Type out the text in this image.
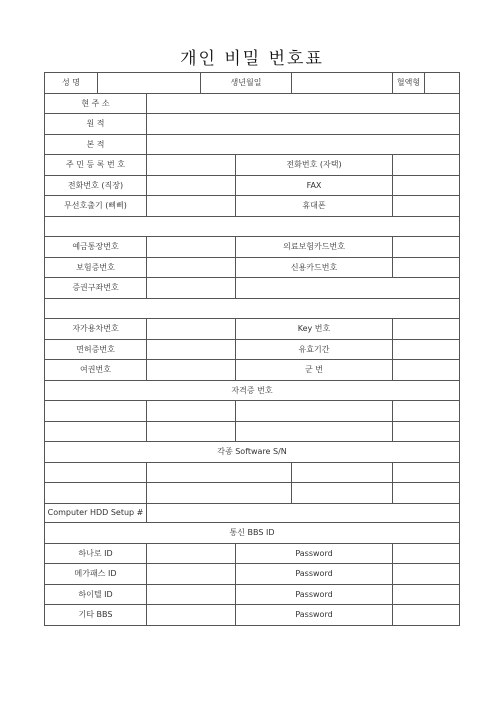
개인 비밀 번호표
성 명			생년월일			혈액형	
현 주 소							
원 적							
본 적							
주 민 등 록 번 호				전화번호 (자택)			
전화번호 (직장)				FAX			
무선호출기 (삐삐)				휴대폰			

예금통장번호				의료보험카드번호			
보험증번호				신용카드번호			
증권구좌번호							

자가용차번호				Key 번호			
면허증번호				유효기간			
여권번호				군 번			
자격증 번호							

각종 Software S/N							

Computer HDD Setup #							
통신 BBS ID							
하나로 ID				Password			
메가패스 ID				Password			
하이텔 ID				Password			
기타 BBS				Password			
